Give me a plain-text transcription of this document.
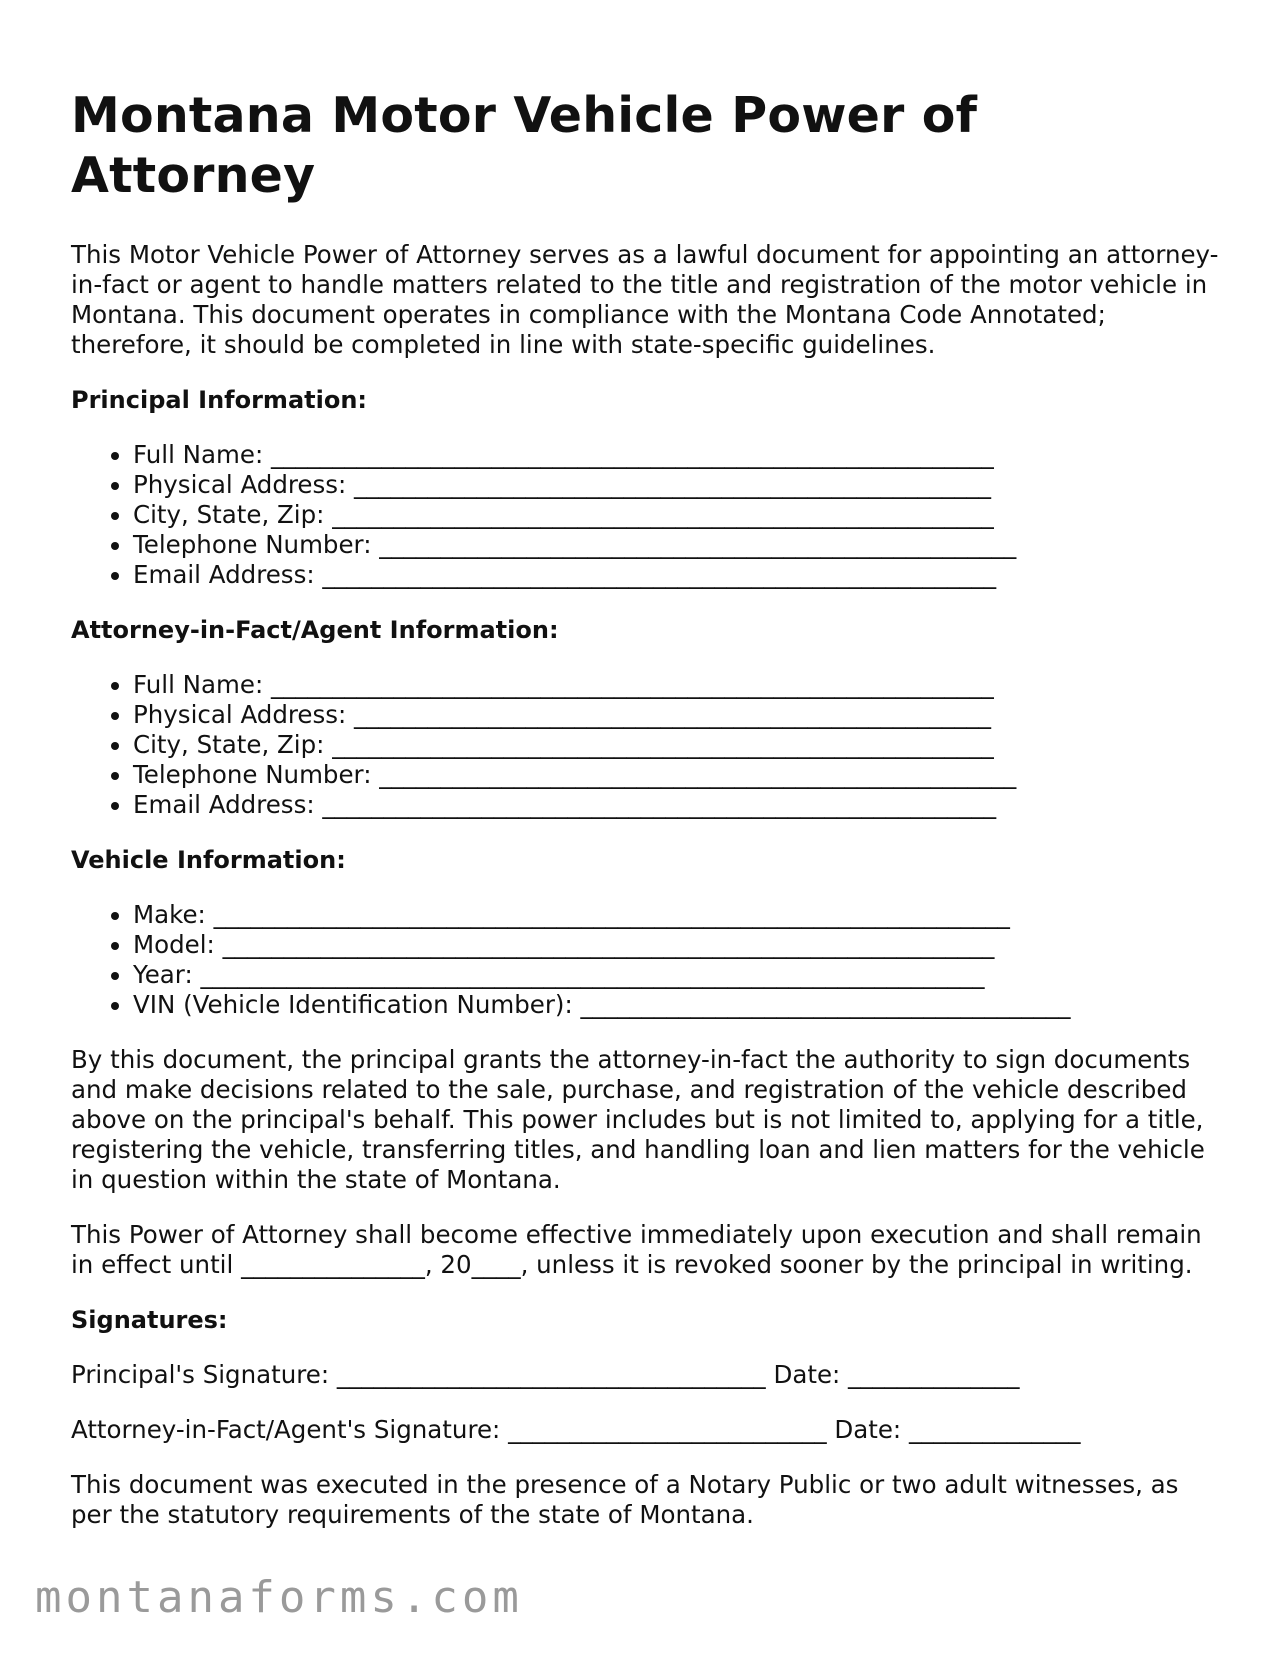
Montana Motor Vehicle Power of Attorney

This Motor Vehicle Power of Attorney serves as a lawful document for appointing an attorney-in-fact or agent to handle matters related to the title and registration of the motor vehicle in Montana. This document operates in compliance with the Montana Code Annotated; therefore, it should be completed in line with state-specific guidelines.

Principal Information:
• Full Name: ___________________________________________________________
• Physical Address: ____________________________________________________
• City, State, Zip: ______________________________________________________
• Telephone Number: ____________________________________________________
• Email Address: _______________________________________________________
Attorney-in-Fact/Agent Information:
• Full Name: ___________________________________________________________
• Physical Address: ____________________________________________________
• City, State, Zip: ______________________________________________________
• Telephone Number: ____________________________________________________
• Email Address: _______________________________________________________
Vehicle Information:
• Make: _________________________________________________________________
• Model: _______________________________________________________________
• Year: ________________________________________________________________
• VIN (Vehicle Identification Number): ________________________________________

By this document, the principal grants the attorney-in-fact the authority to sign documents and make decisions related to the sale, purchase, and registration of the vehicle described above on the principal's behalf. This power includes but is not limited to, applying for a title, registering the vehicle, transferring titles, and handling loan and lien matters for the vehicle in question within the state of Montana.

This Power of Attorney shall become effective immediately upon execution and shall remain in effect until _______________, 20____, unless it is revoked sooner by the principal in writing.

Signatures:

Principal's Signature: ___________________________________ Date: ______________

Attorney-in-Fact/Agent's Signature: __________________________ Date: ______________

This document was executed in the presence of a Notary Public or two adult witnesses, as per the statutory requirements of the state of Montana.

montanaforms.com
